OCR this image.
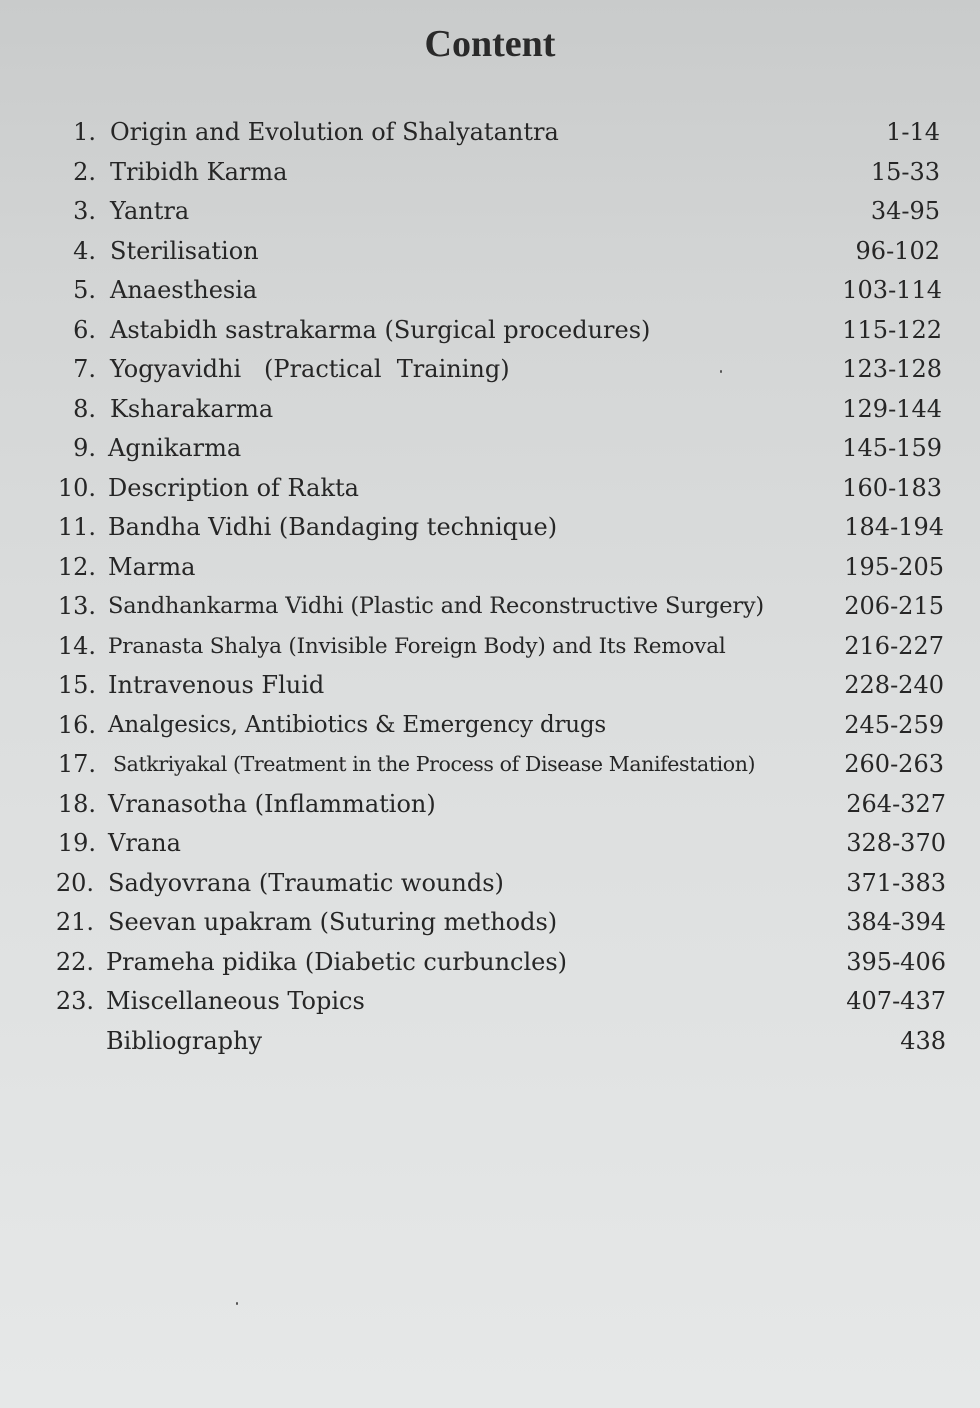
Content
1. Origin and Evolution of Shalyatantra	1-14
2. Tribidh Karma	15-33
3. Yantra	34-95
4. Sterilisation	96-102
5. Anaesthesia	103-114
6. Astabidh sastrakarma (Surgical procedures)	115-122
7. Yogyavidhi   (Practical  Training)	123-128
8. Ksharakarma	129-144
9. Agnikarma	145-159
10. Description of Rakta	160-183
11. Bandha Vidhi (Bandaging technique)	184-194
12. Marma	195-205
13. Sandhankarma Vidhi (Plastic and Reconstructive Surgery)	206-215
14. Pranasta Shalya (Invisible Foreign Body) and Its Removal	216-227
15. Intravenous Fluid	228-240
16. Analgesics, Antibiotics & Emergency drugs	245-259
17. Satkriyakal (Treatment in the Process of Disease Manifestation)	260-263
18. Vranasotha (Inflammation)	264-327
19. Vrana	328-370
20. Sadyovrana (Traumatic wounds)	371-383
21. Seevan upakram (Suturing methods)	384-394
22. Prameha pidika (Diabetic curbuncles)	395-406
23. Miscellaneous Topics	407-437
Bibliography	438
